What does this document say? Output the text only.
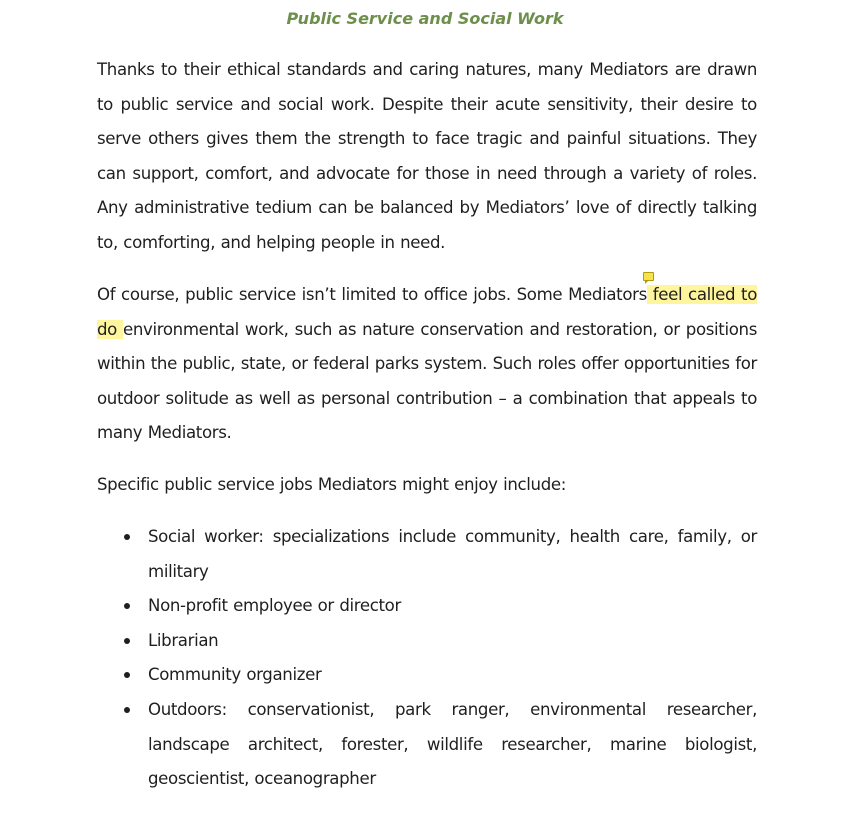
Public Service and Social Work

Thanks to their ethical standards and caring natures, many Mediators are drawn to public service and social work. Despite their acute sensitivity, their desire to serve others gives them the strength to face tragic and painful situations. They can support, comfort, and advocate for those in need through a variety of roles. Any administrative tedium can be balanced by Mediators’ love of directly talking to, comforting, and helping people in need.

Of course, public service isn’t limited to office jobs. Some Mediators
feel called to do environmental work, such as nature conservation and restoration, or positions within the public, state, or federal parks system. Such roles offer opportunities for outdoor solitude as well as personal contribution – a combination that appeals to many Mediators.

Specific public service jobs Mediators might enjoy include:

Social worker: specializations include community, health care, family, or military
Non-profit employee or director
Librarian
Community organizer
Outdoors: conservationist, park ranger, environmental researcher, landscape architect, forester, wildlife researcher, marine biologist, geoscientist, oceanographer
